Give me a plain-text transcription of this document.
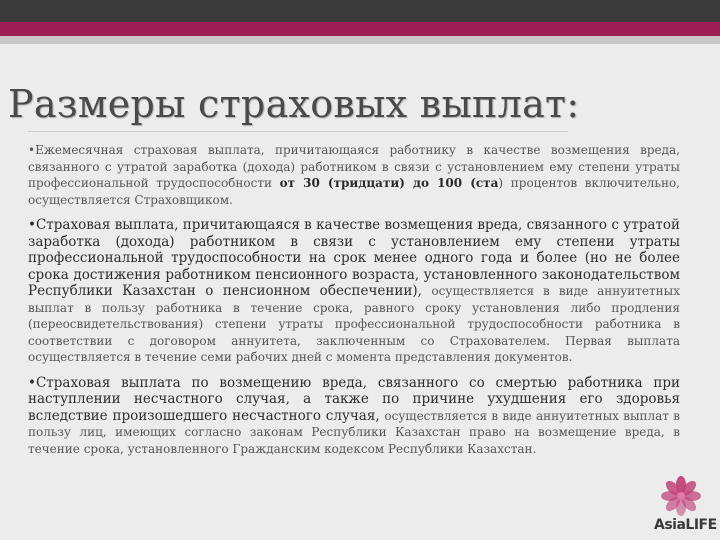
Размеры страховых выплат:

•Ежемесячная страховая выплата, причитающаяся работнику в качестве возмещения вреда, связанного с утратой заработка (дохода) работником в связи с установлением ему степени утраты профессиональной трудоспособности от 30 (тридцати) до 100 (ста) процентов включительно, осуществляется Страховщиком.

•Страховая выплата, причитающаяся в качестве возмещения вреда, связанного с утратой заработка (дохода) работником в связи с установлением ему степени утраты профессиональной трудоспособности на срок менее одного года и более (но не более срока достижения работником пенсионного возраста, установленного законодательством Республики Казахстан о пенсионном обеспечении), осуществляется в виде аннуитетных выплат в пользу работника в течение срока, равного сроку установления либо продления (переосвидетельствования) степени утраты профессиональной трудоспособности работника в соответствии с договором аннуитета, заключенным со Страхователем. Первая выплата осуществляется в течение семи рабочих дней с момента представления документов.

•Страховая выплата по возмещению вреда, связанного со смертью работника при наступлении несчастного случая, а также по причине ухудшения его здоровья вследствие произошедшего несчастного случая, осуществляется в виде аннуитетных выплат в пользу лиц, имеющих согласно законам Республики Казахстан право на возмещение вреда, в течение срока, установленного Гражданским кодексом Республики Казахстан.

AsiaLIFE
